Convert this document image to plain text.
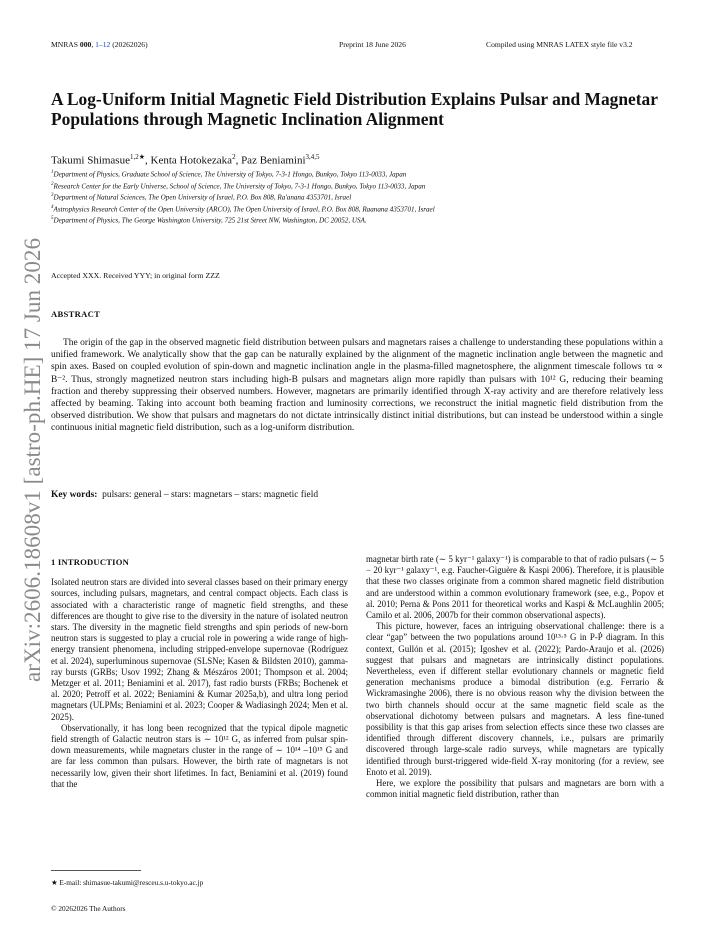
MNRAS 000, 1–12 (20262026)	Preprint 18 June 2026	Compiled using MNRAS LATEX style file v3.2
arXiv:2606.18608v1 [astro-ph.HE] 17 Jun 2026
A Log-Uniform Initial Magnetic Field Distribution Explains Pulsar and Magnetar Populations through Magnetic Inclination Alignment
Takumi Shimasue$^{1,2★}$, Kenta Hotokezaka$^2$, Paz Beniamini$^{3,4,5}$
$^1$Department of Physics, Graduate School of Science, The University of Tokyo, 7-3-1 Hongo, Bunkyo, Tokyo 113-0033, Japan
$^2$Research Center for the Early Universe, School of Science, The University of Tokyo, 7-3-1 Hongo, Bunkyo, Tokyo 113-0033, Japan
$^3$Department of Natural Sciences, The Open University of Israel, P.O. Box 808, Ra'anana 4353701, Israel
$^4$Astrophysics Research Center of the Open University (ARCO), The Open University of Israel, P.O. Box 808, Raanana 4353701, Israel
$^5$Department of Physics, The George Washington University, 725 21st Street NW, Washington, DC 20052, USA.
Accepted XXX. Received YYY; in original form ZZZ
ABSTRACT
The origin of the gap in the observed magnetic field distribution between pulsars and magnetars raises a challenge to understanding these populations within a unified framework. We analytically show that the gap can be naturally explained by the alignment of the magnetic inclination angle between the magnetic and spin axes. Based on coupled evolution of spin-down and magnetic inclination angle in the plasma-filled magnetosphere, the alignment timescale follows τα ∝ B⁻². Thus, strongly magnetized neutron stars including high-B pulsars and magnetars align more rapidly than pulsars with 10¹² G, reducing their beaming fraction and thereby suppressing their observed numbers. However, magnetars are primarily identified through X-ray activity and are therefore relatively less affected by beaming. Taking into account both beaming fraction and luminosity corrections, we reconstruct the initial magnetic field distribution from the observed distribution. We show that pulsars and magnetars do not dictate intrinsically distinct initial distributions, but can instead be understood within a single continuous initial magnetic field distribution, such as a log-uniform distribution.
Key words: pulsars: general – stars: magnetars – stars: magnetic field
1 INTRODUCTION

Isolated neutron stars are divided into several classes based on their primary energy sources, including pulsars, magnetars, and central compact objects. Each class is associated with a characteristic range of magnetic field strengths, and these differences are thought to give rise to the diversity in the nature of isolated neutron stars. The diversity in the magnetic field strengths and spin periods of new-born neutron stars is suggested to play a crucial role in powering a wide range of high-energy transient phenomena, including stripped-envelope supernovae (Rodríguez et al. 2024), superluminous supernovae (SLSNe; Kasen & Bildsten 2010), gamma-ray bursts (GRBs; Usov 1992; Zhang & Mészáros 2001; Thompson et al. 2004; Metzger et al. 2011; Beniamini et al. 2017), fast radio bursts (FRBs; Bochenek et al. 2020; Petroff et al. 2022; Beniamini & Kumar 2025a,b), and ultra long period magnetars (ULPMs; Beniamini et al. 2023; Cooper & Wadiasingh 2024; Men et al. 2025).

Observationally, it has long been recognized that the typical dipole magnetic field strength of Galactic neutron stars is ∼ 10¹² G, as inferred from pulsar spin-down measurements, while magnetars cluster in the range of ∼ 10¹⁴ –10¹⁵ G and are far less common than pulsars. However, the birth rate of magnetars is not necessarily low, given their short lifetimes. In fact, Beniamini et al. (2019) found that the

magnetar birth rate (∼ 5 kyr⁻¹ galaxy⁻¹) is comparable to that of radio pulsars (∼ 5 − 20 kyr⁻¹ galaxy⁻¹, e.g. Faucher-Giguère & Kaspi 2006). Therefore, it is plausible that these two classes originate from a common shared magnetic field distribution and are understood within a common evolutionary framework (see, e.g., Popov et al. 2010; Perna & Pons 2011 for theoretical works and Kaspi & McLaughlin 2005; Camilo et al. 2006, 2007b for their common observational aspects).

This picture, however, faces an intriguing observational challenge: there is a clear “gap” between the two populations around 10¹³·⁵ G in P-Ṗ diagram. In this context, Gullón et al. (2015); Igoshev et al. (2022); Pardo-Araujo et al. (2026) suggest that pulsars and magnetars are intrinsically distinct populations. Nevertheless, even if different stellar evolutionary channels or magnetic field generation mechanisms produce a bimodal distribution (e.g. Ferrario & Wickramasinghe 2006), there is no obvious reason why the division between the two birth channels should occur at the same magnetic field scale as the observational dichotomy between pulsars and magnetars. A less fine-tuned possibility is that this gap arises from selection effects since these two classes are identified through different discovery channels, i.e., pulsars are primarily discovered through large-scale radio surveys, while magnetars are typically identified through burst-triggered wide-field X-ray monitoring (for a review, see Enoto et al. 2019).

Here, we explore the possibility that pulsars and magnetars are born with a common initial magnetic field distribution, rather than

★ E-mail: shimasue-takumi@resceu.s.u-tokyo.ac.jp
© 20262026 The Authors
